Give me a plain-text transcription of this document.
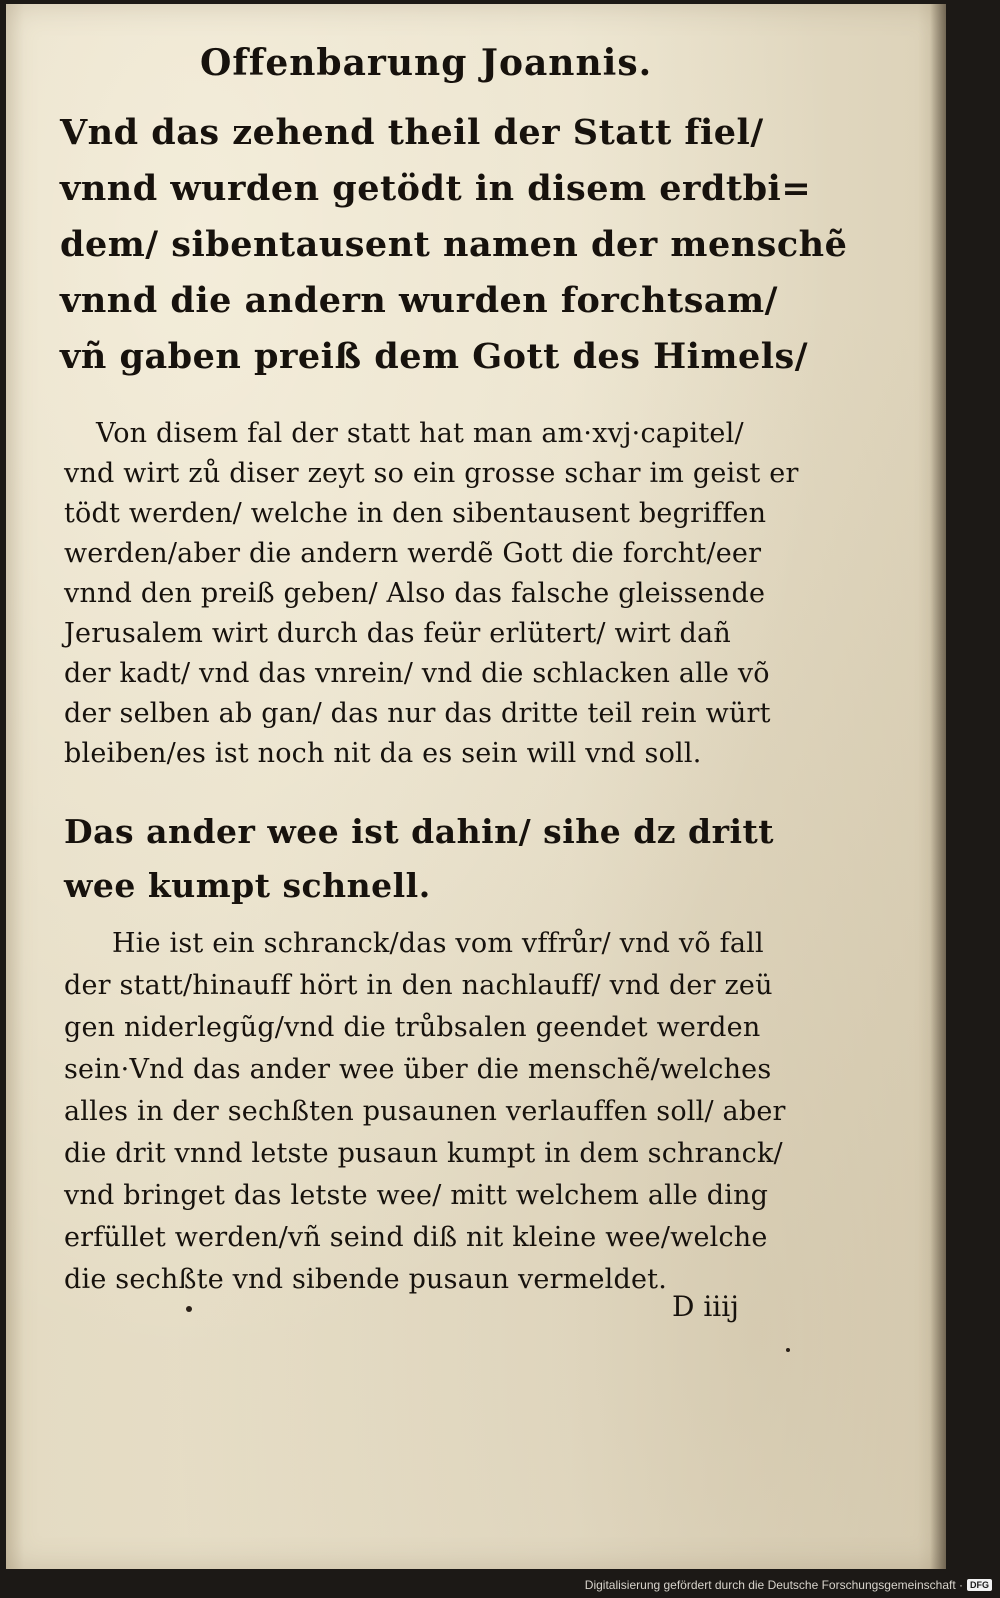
Offenbarung Joannis.
Vnd das zehend theil der Statt fiel/
vnnd wurden getödt in disem erdtbi=
dem/ sibentausent namen der menschẽ
vnnd die andern wurden forchtsam/
vñ gaben preiß dem Gott des Himels/
Von disem fal der statt hat man am·xvj·capitel/
vnd wirt zů diser zeyt so ein grosse schar im geist er
tödt werden/ welche in den sibentausent begriffen
werden/aber die andern werdẽ Gott die forcht/eer
vnnd den preiß geben/ Also das falsche gleissende
Jerusalem wirt durch das feür erlütert/ wirt dañ
der kadt/ vnd das vnrein/ vnd die schlacken alle võ
der selben ab gan/ das nur das dritte teil rein würt
bleiben/es ist noch nit da es sein will vnd soll.
Das ander wee ist dahin/ sihe dz dritt
wee kumpt schnell.
Hie ist ein schranck/das vom vffrůr/ vnd võ fall
der statt/hinauff hört in den nachlauff/ vnd der zeü
gen niderlegũg/vnd die trůbsalen geendet werden
sein·Vnd das ander wee über die menschẽ/welches
alles in der sechßten pusaunen verlauffen soll/ aber
die drit vnnd letste pusaun kumpt in dem schranck/
vnd bringet das letste wee/ mitt welchem alle ding
erfüllet werden/vñ seind diß nit kleine wee/welche
die sechßte vnd sibende pusaun vermeldet.
D iiij
Digitalisierung gefördert durch die Deutsche Forschungsgemeinschaft · DFG
